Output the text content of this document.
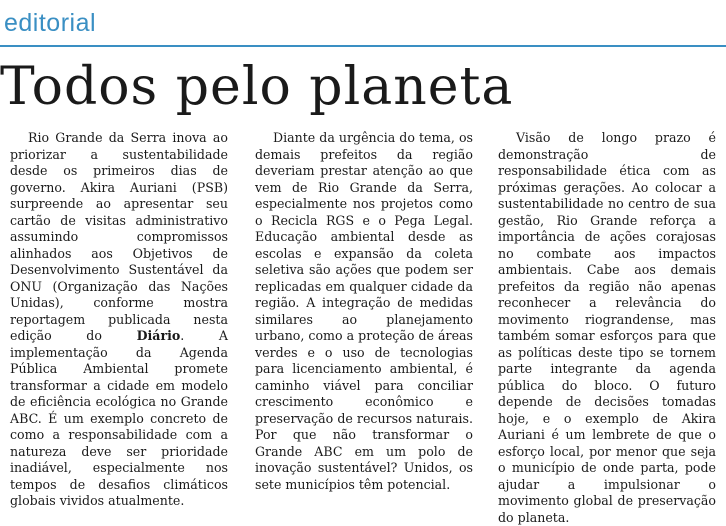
editorial
Todos pelo planeta

Rio Grande da Serra inova ao priorizar a sustentabilidade desde os primeiros dias de governo. Akira Auriani (PSB) surpreende ao apresentar seu cartão de visitas administrativo assumindo compromissos alinhados aos Objetivos de Desenvolvimento Sustentável da ONU (Organização das Nações Unidas), conforme mostra reportagem publicada nesta edição do Diário. A implementação da Agenda Pública Ambiental promete transformar a cidade em modelo de eficiência ecológica no Grande ABC. É um exemplo concreto de como a responsabilidade com a natureza deve ser prioridade inadiável, especialmente nos tempos de desafios climáticos globais vividos atualmente.

Diante da urgência do tema, os demais prefeitos da região deveriam prestar atenção ao que vem de Rio Grande da Serra, especialmente nos projetos como o Recicla RGS e o Pega Legal. Educação ambiental desde as escolas e expansão da coleta seletiva são ações que podem ser replicadas em qualquer cidade da região. A integração de medidas similares ao planejamento urbano, como a proteção de áreas verdes e o uso de tecnologias para licenciamento ambiental, é caminho viável para conciliar crescimento econômico e preservação de recursos naturais. Por que não transformar o Grande ABC em um polo de inovação sustentável? Unidos, os sete municípios têm potencial.

Visão de longo prazo é demonstração de responsabilidade ética com as próximas gerações. Ao colocar a sustentabilidade no centro de sua gestão, Rio Grande reforça a importância de ações corajosas no combate aos impactos ambientais. Cabe aos demais prefeitos da região não apenas reconhecer a relevância do movimento riograndense, mas também somar esforços para que as políticas deste tipo se tornem parte integrante da agenda pública do bloco. O futuro depende de decisões tomadas hoje, e o exemplo de Akira Auriani é um lembrete de que o esforço local, por menor que seja o município de onde parta, pode ajudar a impulsionar o movimento global de preservação do planeta.
